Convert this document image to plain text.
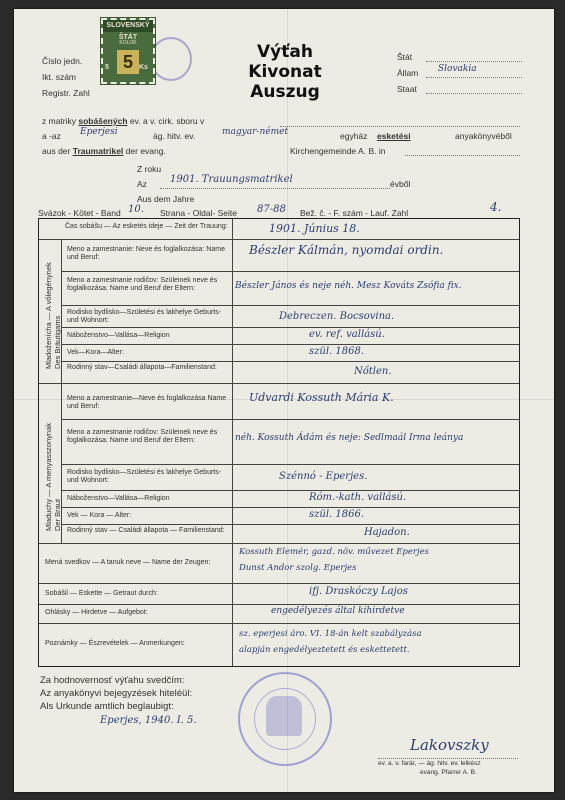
SLOVENSKÝ ŠTÁT
KOLOK
5
5	Ks
Číslo jedn.
Ikt. szám
Registr. Zahl
Výťah
Kivonat
Auszug
Štát
Állam Slovakia
Staat
z matriky sobášených ev. a v. cirk. sboru v
a -az Eperjesi	ág. hitv. ev.	magyar-német	egyház esketési	anyakönyvéből
aus der Traumatrikel der evang.	Kirchengemeinde A. B. in
Z roku
Az 1901. Trauungsmatrikel	évből
Aus dem Jahre
Svázok - Kötet - Band 10. Strana - Oldal- Seite 87-88 Bež. č. - F. szám - Lauf. Zahl	4.
Mladoženícha — A vőlegénynek Des Bräutigams
Mladuchy — A menyasszonynak Der Braut
Čas sobášu — Az esketés ideje — Zeit der Trauung:	1901. Június 18.
Meno a zamestnanie: Neve és foglalkozása: Name und Beruf:
Bészler Kálmán, nyomdai ordin.
Meno a zamestnanie rodičov: Szüleinek neve és foglalkozása: Name und Beruf der Eltern:	Bészler János és neje néh. Mesz Kováts Zsófia fix.
Rodisko bydlisko—Születési és lakhelye Geburts- und Wohnort:	Debreczen. Bocsovina.
Náboženstvo—Vallása—Religion	ev. ref. vallású.
Vek—Kora—Alter:	szül. 1868.
Rodinný stav—Családi állapota—Familienstand:	Nőtlen.
Meno a zamestnanie—Neve és foglalkozása Name und Beruf:
Udvardi Kossuth Mária K.
Meno a zamestnanie rodičov: Szüleinek neve és foglalkozása: Name und Beruf der Eltern:	néh. Kossuth Ádám és neje: Sedlmaál Irma leánya
Rodisko bydlisko—Születési és lakhelye Geburts- und Wohnort:	Szénnó - Eperjes.
Náboženstvo—Vallása—Religion	Róm.-kath. vallású.
Vek — Kora — Alter:	szül. 1866.
Rodinný stav — Családi állapota — Familienstand:	Hajadon.
Mená svedkov — A tanuk neve — Name der Zeugen:
Kossuth Elemér, gazd. növ. művezet Eperjes
Dunst Andor szolg. Eperjes
Sobášil — Eskette — Getraut durch:	ifj. Draskóczy Lajos
Ohlásky — Hirdetve — Aufgebot:	engedélyezés által kihirdetve
Poznámky — Észrevételek — Anmerkungen:
sz. eperjesi áro. VI. 18-án kelt szabályzása
alapján engedélyeztetett és eskettetett.
Za hodnovernosť výťahu svedčím:
Az anyakönyvi bejegyzések hiteléül:
Als Urkunde amtlich beglaubigt:
Eperjes, 1940. I. 5.
Lakovszky
ev. a. v. farár, — ág. hitv. ev. lelkész
evang. Pfarrer A. B.
